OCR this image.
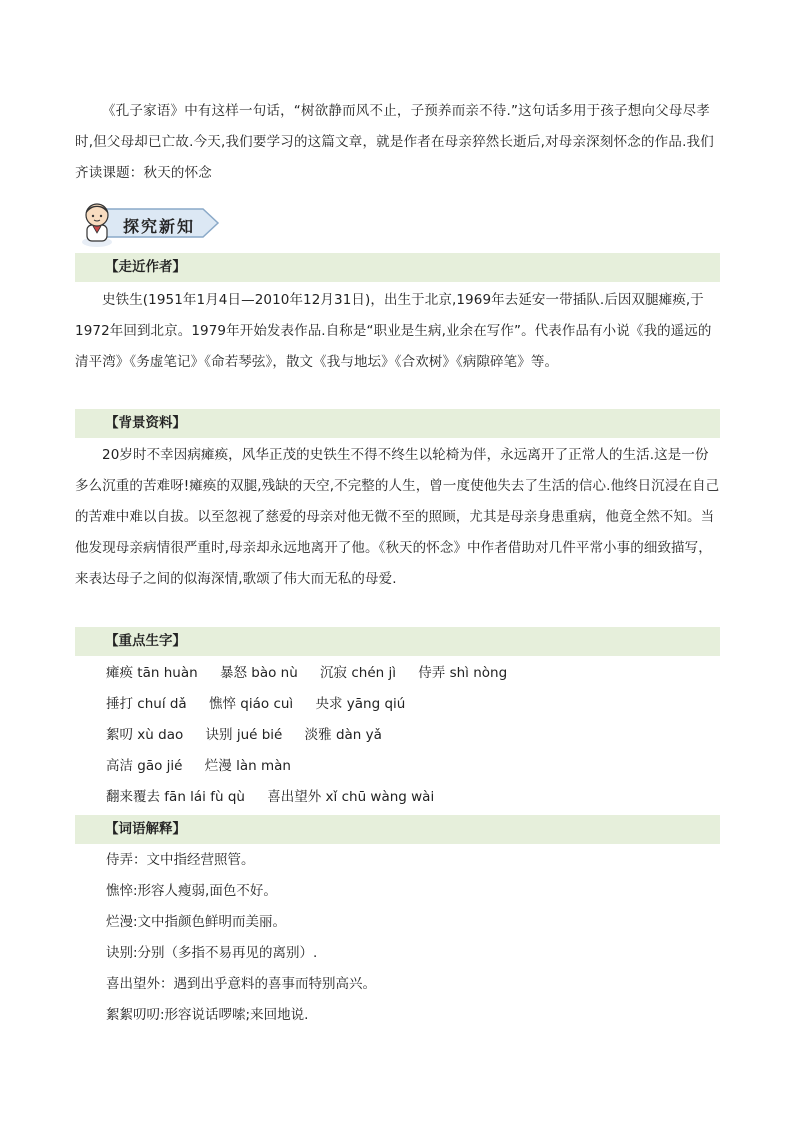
《孔子家语》中有这样一句话，“树欲静而风不止，子预养而亲不待.”这句话多用于孩子想向父母尽孝时,但父母却已亡故.今天,我们要学习的这篇文章，就是作者在母亲猝然长逝后,对母亲深刻怀念的作品.我们齐读课题：秋天的怀念
探究新知
【走近作者】
史铁生(1951年1月4日—2010年12月31日)，出生于北京,1969年去延安一带插队.后因双腿瘫痪,于1972年回到北京。1979年开始发表作品.自称是“职业是生病,业余在写作”。代表作品有小说《我的遥远的清平湾》《务虚笔记》《命若琴弦》，散文《我与地坛》《合欢树》《病隙碎笔》等。
【背景资料】
20岁时不幸因病瘫痪，风华正茂的史铁生不得不终生以轮椅为伴，永远离开了正常人的生活.这是一份多么沉重的苦难呀!瘫痪的双腿,残缺的天空,不完整的人生，曾一度使他失去了生活的信心.他终日沉浸在自己的苦难中难以自拔。以至忽视了慈爱的母亲对他无微不至的照顾，尤其是母亲身患重病，他竟全然不知。当他发现母亲病情很严重时,母亲却永远地离开了他。《秋天的怀念》中作者借助对几件平常小事的细致描写，来表达母子之间的似海深情,歌颂了伟大而无私的母爱.
【重点生字】
瘫痪 tān huàn 暴怒 bào nù 沉寂 chén jì 侍弄 shì nòng
捶打 chuí dǎ 憔悴 qiáo cuì 央求 yāng qiú
絮叨 xù dao 诀别 jué bié 淡雅 dàn yǎ
高洁 gāo jié 烂漫 làn màn
翻来覆去 fān lái fù qù 喜出望外 xǐ chū wàng wài
【词语解释】
侍弄：文中指经营照管。
憔悴:形容人瘦弱,面色不好。
烂漫:文中指颜色鲜明而美丽。
诀别:分别（多指不易再见的离别）.
喜出望外：遇到出乎意料的喜事而特别高兴。
絮絮叨叨:形容说话啰嗦;来回地说.
